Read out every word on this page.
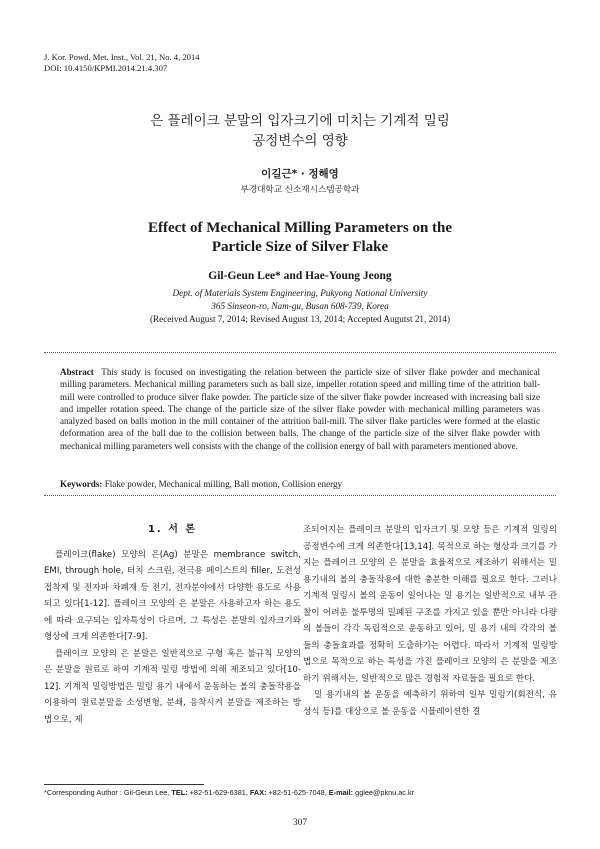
J. Kor. Powd. Met. Inst., Vol. 21, No. 4, 2014
DOI: 10.4150/KPMI.2014.21.4.307
은 플레이크 분말의 입자크기에 미치는 기계적 밀링
공정변수의 영향
이길근* · 정해영
부경대학교 신소재시스템공학과
Effect of Mechanical Milling Parameters on the
Particle Size of Silver Flake
Gil-Geun Lee* and Hae-Young Jeong
Dept. of Materials System Engineering, Pukyong National University
365 Sinseon-ro, Nam-gu, Busan 608-739, Korea
(Received August 7, 2014; Revised August 13, 2014; Accepted Augutst 21, 2014)
Abstract This study is focused on investigating the relation between the particle size of silver flake powder and mechanical milling parameters. Mechanical milling parameters such as ball size, impeller rotation speed and milling time of the attrition ball-mill were controlled to produce silver flake powder. The particle size of the silver flake powder increased with increasing ball size and impeller rotation speed. The change of the particle size of the silver flake powder with mechanical milling parameters was analyzed based on balls motion in the mill container of the attrition ball-mill. The silver flake particles were formed at the elastic deformation area of the ball due to the collision between balls. The change of the particle size of the silver flake powder with mechanical milling parameters well consists with the change of the collision energy of ball with parameters mentioned above.
Keywords: Flake powder, Mechanical milling, Ball motion, Collision energy
1. 서 론

플레이크(flake) 모양의 은(Ag) 분말은 membrance switch, EMI, through hole, 터치 스크린, 전극용 페이스트의 filler, 도전성 접착제 및 전자파 차폐재 등 전기, 전자분야에서 다양한 용도로 사용되고 있다[1-12]. 플레이크 모양의 은 분말은 사용하고자 하는 용도에 따라 요구되는 입자특성이 다르며, 그 특성은 분말의 입자크기와 형상에 크게 의존한다[7-9].

플레이크 모양의 은 분말은 일반적으로 구형 혹은 불규칙 모양의 은 분말을 원료로 하여 기계적 밀링 방법에 의해 제조되고 있다[10-12]. 기계적 밀링방법은 밀링 용기 내에서 운동하는 볼의 충돌작용을 이용하여 원료분말을 소성변형, 분쇄, 응착시켜 분말을 제조하는 방법으로, 제

조되어지는 플레이크 분말의 입자크기 및 모양 등은 기계적 밀링의 공정변수에 크게 의존한다[13,14]. 목적으로 하는 형상과 크기를 가지는 플레이크 모양의 은 분말을 효율적으로 제조하기 위해서는 밀 용기내의 볼의 충돌작용에 대한 충분한 이해를 필요로 한다. 그러나 기계적 밀링시 볼의 운동이 일어나는 밀 용기는 일반적으로 내부 관찰이 어려운 불투명의 밀폐된 구조를 가지고 있을 뿐만 아니라 다량의 볼들이 각각 독립적으로 운동하고 있어, 밀 용기 내의 각각의 볼들의 충돌효과를 정확히 도출하기는 어렵다. 따라서 기계적 밀링방법으로 목적으로 하는 특성을 가진 플레이크 모양의 은 분말을 제조하기 위해서는, 일반적으로 많은 경험적 자료들을 필요로 한다.

밀 용기내의 볼 운동을 예측하기 위하여 일부 밀링기(회전식, 유성식 등)를 대상으로 볼 운동을 시뮬레이션한 결

*Corresponding Author : Gil-Geun Lee, TEL: +82-51-629-6381, FAX: +82-51-625-7048, E-mail: gglee@pknu.ac.kr
307
